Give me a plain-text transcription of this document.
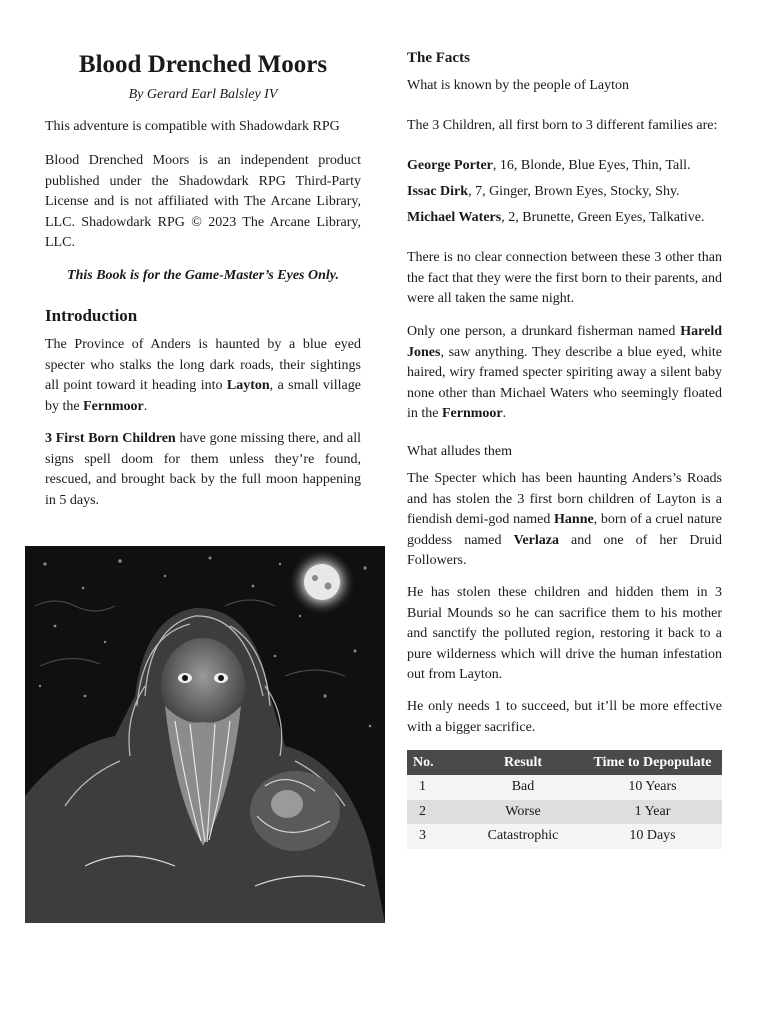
Blood Drenched Moors
By Gerard Earl Balsley IV

This adventure is compatible with Shadowdark RPG

Blood Drenched Moors is an independent product published under the Shadowdark RPG Third-Party License and is not affiliated with The Arcane Library, LLC. Shadowdark RPG © 2023 The Arcane Library, LLC.

This Book is for the Game-Master’s Eyes Only.

Introduction

The Province of Anders is haunted by a blue eyed specter who stalks the long dark roads, their sightings all point toward it heading into Layton, a small village by the Fernmoor.

3 First Born Children have gone missing there, and all signs spell doom for them unless they’re found, rescued, and brought back by the full moon happening in 5 days.

The Facts
What is known by the people of Layton

The 3 Children, all first born to 3 different families are:

George Porter, 16, Blonde, Blue Eyes, Thin, Tall.

Issac Dirk, 7, Ginger, Brown Eyes, Stocky, Shy.

Michael Waters, 2, Brunette, Green Eyes, Talkative.

There is no clear connection between these 3 other than the fact that they were the first born to their parents, and were all taken the same night.

Only one person, a drunkard fisherman named Hareld Jones, saw anything. They describe a blue eyed, white haired, wiry framed specter spiriting away a silent baby none other than Michael Waters who seemingly floated in the Fernmoor.

What alludes them

The Specter which has been haunting Anders’s Roads and has stolen the 3 first born children of Layton is a fiendish demi-god named Hanne, born of a cruel nature goddess named Verlaza and one of her Druid Followers.

He has stolen these children and hidden them in 3 Burial Mounds so he can sacrifice them to his mother and sanctify the polluted region, restoring it back to a pure wilderness which will drive the human infestation out from Layton.

He only needs 1 to succeed, but it’ll be more effective with a bigger sacrifice.

No.	Result	Time to Depopulate
1	Bad	10 Years
2	Worse	1 Year
3	Catastrophic	10 Days
